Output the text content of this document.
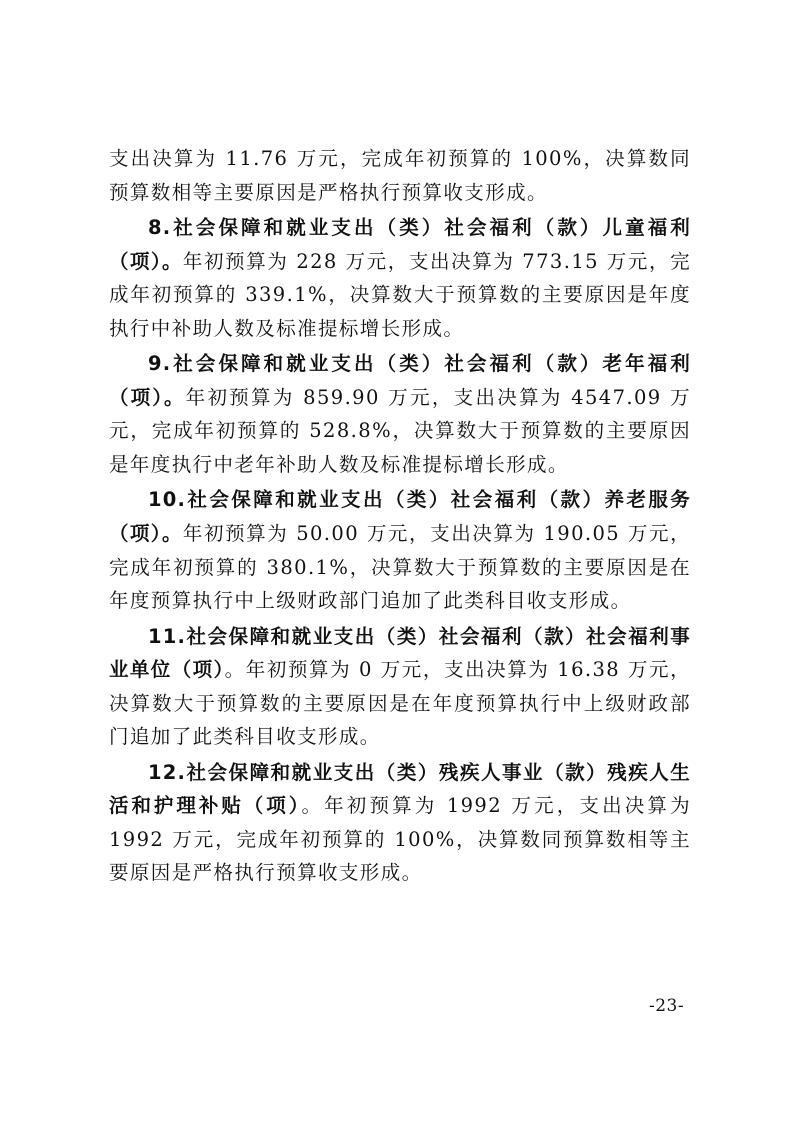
支出决算为 11.76 万元，完成年初预算的 100%，决算数同预算数相等主要原因是严格执行预算收支形成。

8.社会保障和就业支出（类）社会福利（款）儿童福利（项）。年初预算为 228 万元，支出决算为 773.15 万元，完成年初预算的 339.1%，决算数大于预算数的主要原因是年度执行中补助人数及标准提标增长形成。

9.社会保障和就业支出（类）社会福利（款）老年福利（项）。年初预算为 859.90 万元，支出决算为 4547.09 万元，完成年初预算的 528.8%，决算数大于预算数的主要原因是年度执行中老年补助人数及标准提标增长形成。

10.社会保障和就业支出（类）社会福利（款）养老服务（项）。年初预算为 50.00 万元，支出决算为 190.05 万元，完成年初预算的 380.1%，决算数大于预算数的主要原因是在年度预算执行中上级财政部门追加了此类科目收支形成。

11.社会保障和就业支出（类）社会福利（款）社会福利事业单位（项）。年初预算为 0 万元，支出决算为 16.38 万元，决算数大于预算数的主要原因是在年度预算执行中上级财政部门追加了此类科目收支形成。

12.社会保障和就业支出（类）残疾人事业（款）残疾人生活和护理补贴（项）。年初预算为 1992 万元，支出决算为 1992 万元，完成年初预算的 100%，决算数同预算数相等主要原因是严格执行预算收支形成。

-23-
